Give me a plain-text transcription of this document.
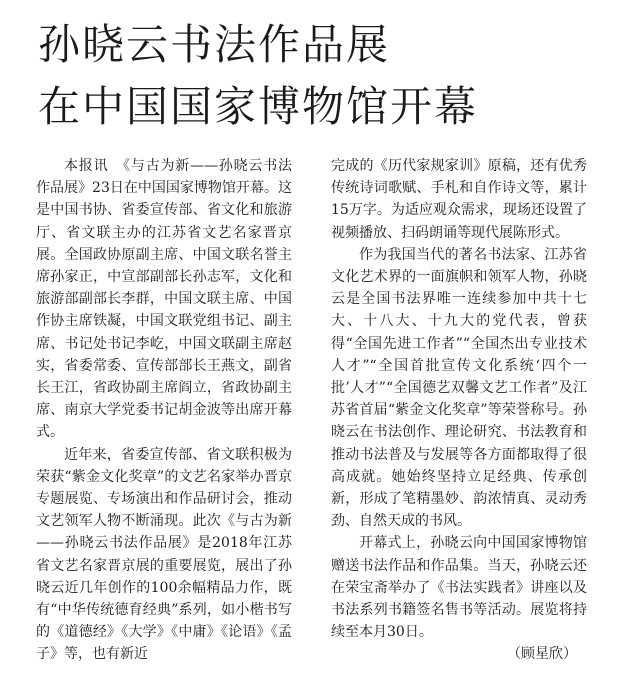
孙晓云书法作品展
在中国国家博物馆开幕

本报讯　《与古为新——孙晓云书法作品展》23日在中国国家博物馆开幕。这是中国书协、省委宣传部、省文化和旅游厅、省文联主办的江苏省文艺名家晋京展。全国政协原副主席、中国文联名誉主席孙家正，中宣部副部长孙志军，文化和旅游部副部长李群，中国文联主席、中国作协主席铁凝，中国文联党组书记、副主席、书记处书记李屹，中国文联副主席赵实，省委常委、宣传部部长王燕文，副省长王江，省政协副主席阎立，省政协副主席、南京大学党委书记胡金波等出席开幕式。

近年来，省委宣传部、省文联积极为荣获“紫金文化奖章”的文艺名家举办晋京专题展览、专场演出和作品研讨会，推动文艺领军人物不断涌现。此次《与古为新——孙晓云书法作品展》是2018年江苏省文艺名家晋京展的重要展览，展出了孙晓云近几年创作的100余幅精品力作，既有“中华传统德育经典”系列，如小楷书写的《道德经》《大学》《中庸》《论语》《孟子》等，也有新近

完成的《历代家规家训》原稿，还有优秀传统诗词歌赋、手札和自作诗文等，累计15万字。为适应观众需求，现场还设置了视频播放、扫码朗诵等现代展陈形式。

作为我国当代的著名书法家、江苏省文化艺术界的一面旗帜和领军人物，孙晓云是全国书法界唯一连续参加中共十七大、十八大、十九大的党代表，曾获得“全国先进工作者”“全国杰出专业技术人才”“全国首批宣传文化系统‘四个一批’人才”“全国德艺双馨文艺工作者”及江苏省首届“紫金文化奖章”等荣誉称号。孙晓云在书法创作、理论研究、书法教育和推动书法普及与发展等各方面都取得了很高成就。她始终坚持立足经典、传承创新，形成了笔精墨妙、韵浓情真、灵动秀劲、自然天成的书风。

开幕式上，孙晓云向中国国家博物馆赠送书法作品和作品集。当天，孙晓云还在荣宝斋举办了《书法实践者》讲座以及书法系列书籍签名售书等活动。展览将持续至本月30日。

（顾星欣）
